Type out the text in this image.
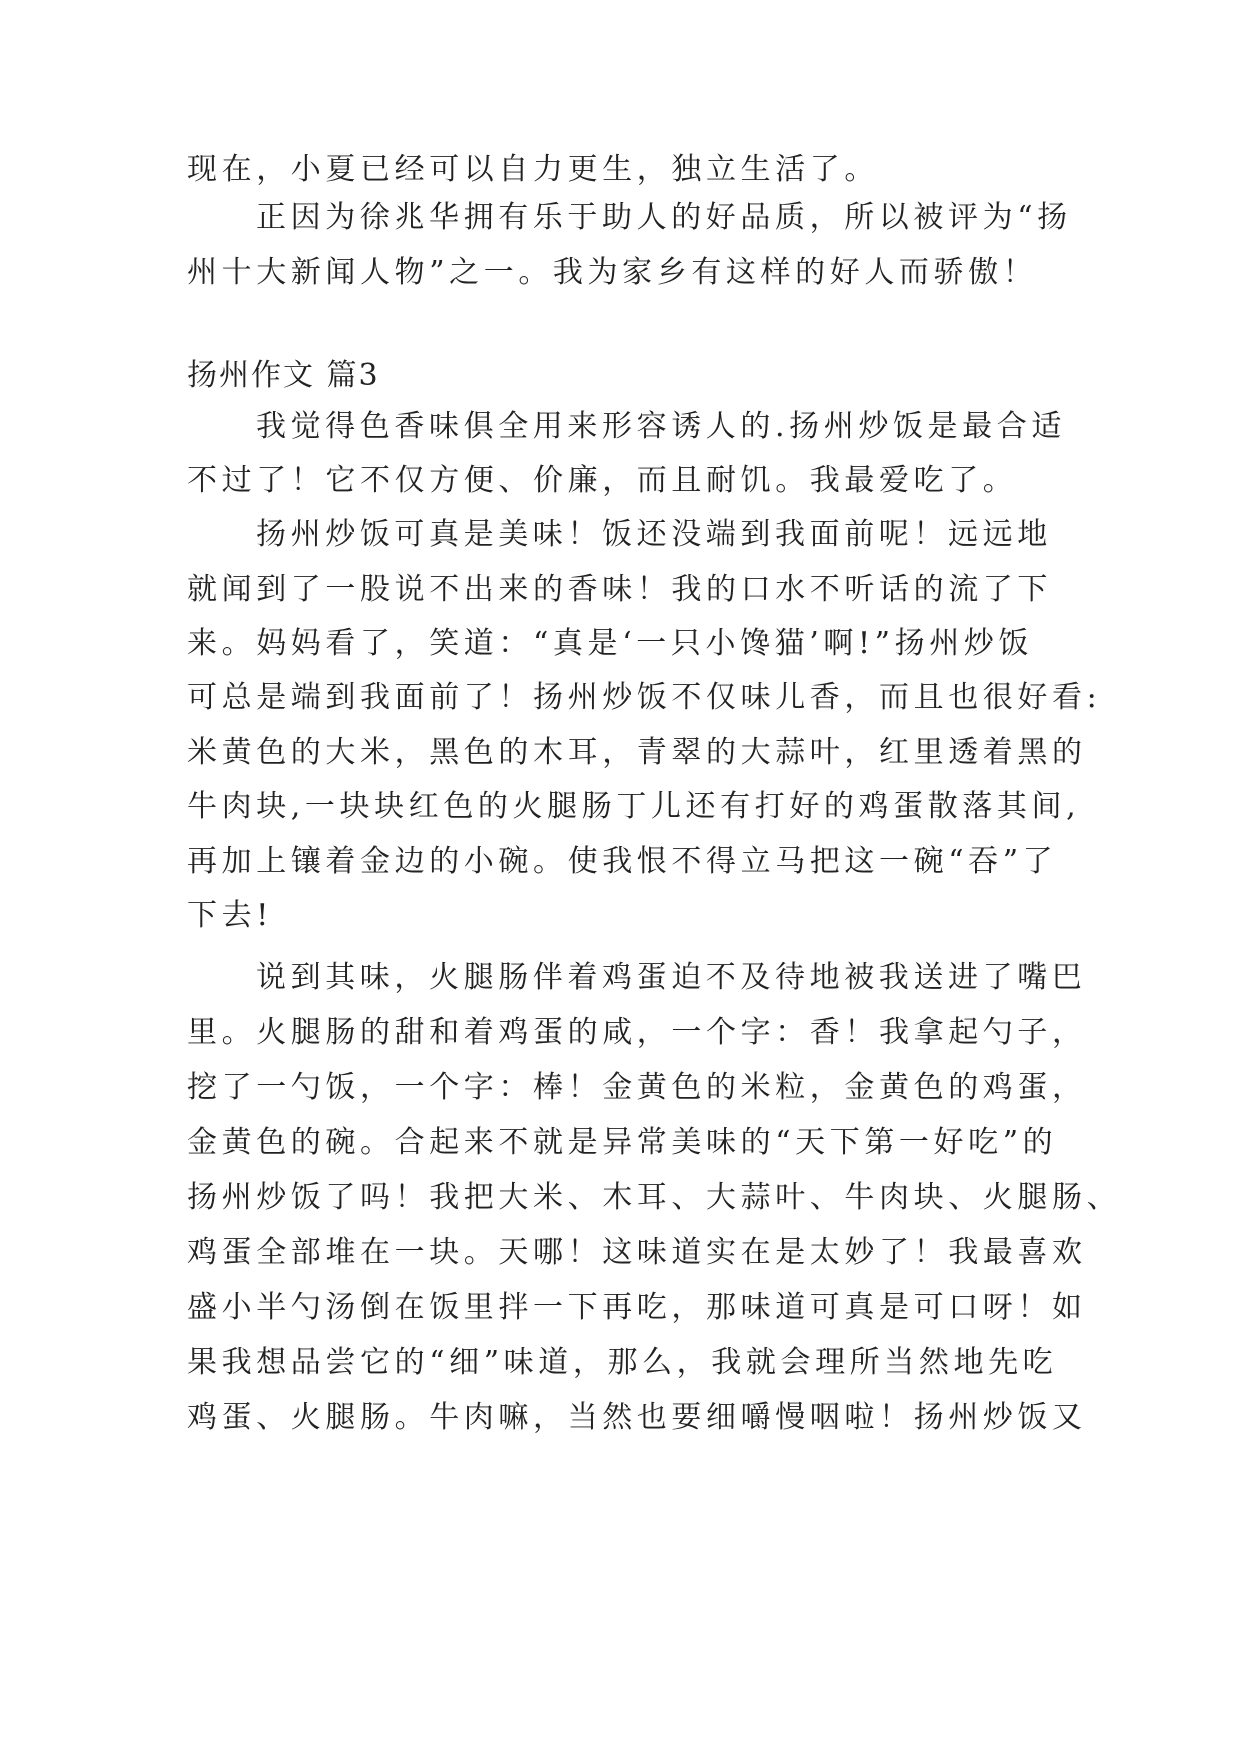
现在，小夏已经可以自力更生，独立生活了。
正因为徐兆华拥有乐于助人的好品质，所以被评为“扬
州十大新闻人物”之一。我为家乡有这样的好人而骄傲！
扬州作文 篇3
我觉得色香味俱全用来形容诱人的.扬州炒饭是最合适
不过了！它不仅方便、价廉，而且耐饥。我最爱吃了。
扬州炒饭可真是美味！饭还没端到我面前呢！远远地
就闻到了一股说不出来的香味！我的口水不听话的流了下
来。妈妈看了，笑道：“真是‘一只小馋猫’啊!”扬州炒饭
可总是端到我面前了！扬州炒饭不仅味儿香，而且也很好看:
米黄色的大米，黑色的木耳，青翠的大蒜叶，红里透着黑的
牛肉块,一块块红色的火腿肠丁儿还有打好的鸡蛋散落其间,
再加上镶着金边的小碗。使我恨不得立马把这一碗“吞”了
下去!
说到其味，火腿肠伴着鸡蛋迫不及待地被我送进了嘴巴
里。火腿肠的甜和着鸡蛋的咸，一个字：香！我拿起勺子，
挖了一勺饭，一个字：棒！金黄色的米粒，金黄色的鸡蛋，
金黄色的碗。合起来不就是异常美味的“天下第一好吃”的
扬州炒饭了吗！我把大米、木耳、大蒜叶、牛肉块、火腿肠、
鸡蛋全部堆在一块。天哪！这味道实在是太妙了！我最喜欢
盛小半勺汤倒在饭里拌一下再吃，那味道可真是可口呀！如
果我想品尝它的“细”味道，那么，我就会理所当然地先吃
鸡蛋、火腿肠。牛肉嘛，当然也要细嚼慢咽啦！扬州炒饭又
